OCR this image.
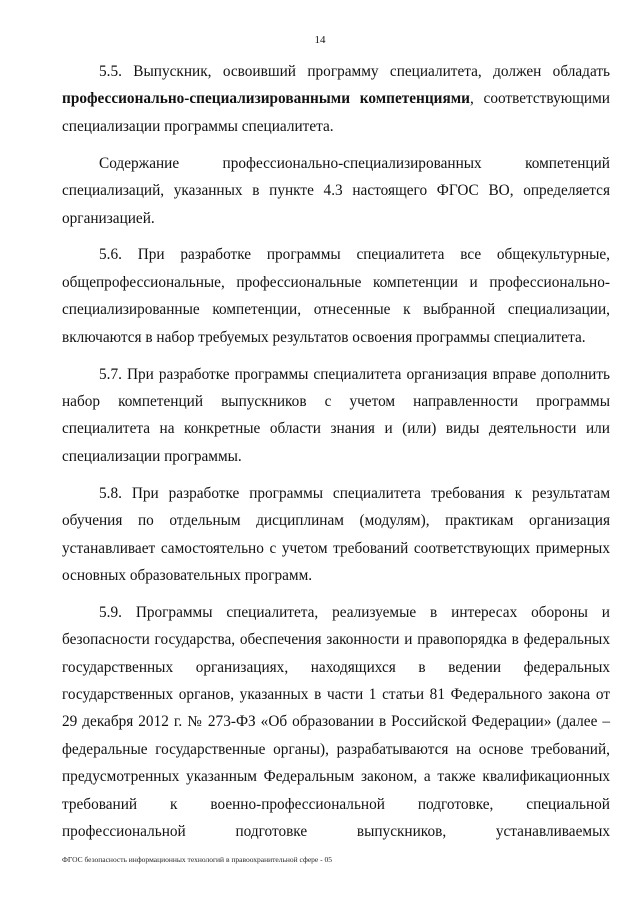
14

5.5. Выпускник, освоивший программу специалитета, должен обладать профессионально-специализированными компетенциями, соответствующими специализации программы специалитета.

Содержание профессионально-специализированных компетенций специализаций, указанных в пункте 4.3 настоящего ФГОС ВО, определяется организацией.

5.6. При разработке программы специалитета все общекультурные, общепрофессиональные, профессиональные компетенции и профессионально-специализированные компетенции, отнесенные к выбранной специализации, включаются в набор требуемых результатов освоения программы специалитета.

5.7. При разработке программы специалитета организация вправе дополнить набор компетенций выпускников с учетом направленности программы специалитета на конкретные области знания и (или) виды деятельности или специализации программы.

5.8. При разработке программы специалитета требования к результатам обучения по отдельным дисциплинам (модулям), практикам организация устанавливает самостоятельно с учетом требований соответствующих примерных основных образовательных программ.

5.9. Программы специалитета, реализуемые в интересах обороны и безопасности государства, обеспечения законности и правопорядка в федеральных государственных организациях, находящихся в ведении федеральных государственных органов, указанных в части 1 статьи 81 Федерального закона от 29 декабря 2012 г. № 273-ФЗ «Об образовании в Российской Федерации» (далее – федеральные государственные органы), разрабатываются на основе требований, предусмотренных указанным Федеральным законом, а также квалификационных требований к военно-профессиональной подготовке, специальной профессиональной подготовке выпускников, устанавливаемых

ФГОС безопасность информационных технологий в правоохранительной сфере - 05
